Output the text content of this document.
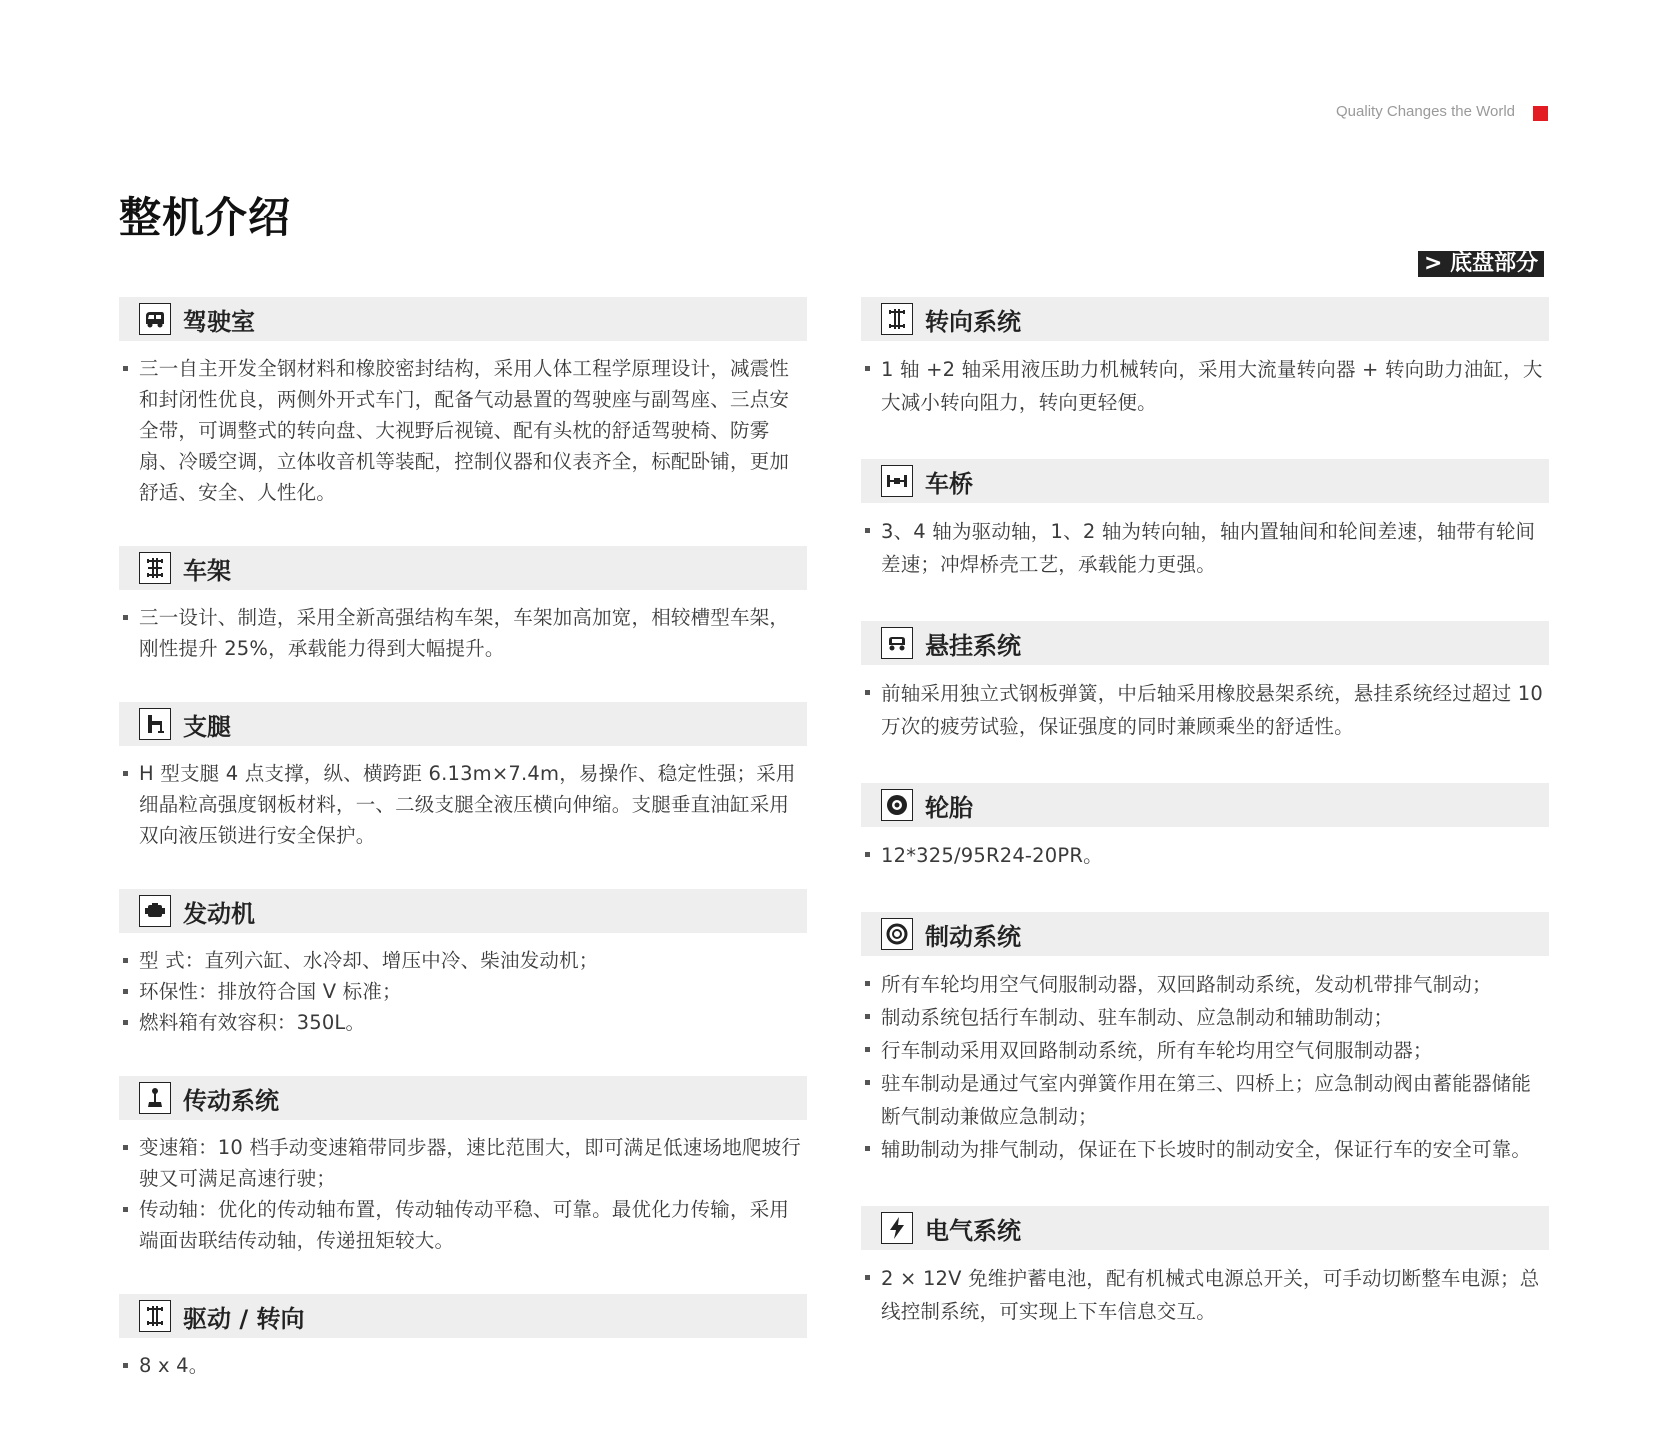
Quality Changes the World
整机介绍
> 底盘部分
驾驶室
三一自主开发全钢材料和橡胶密封结构，采用人体工程学原理设计，减震性和封闭性优良，两侧外开式车门，配备气动悬置的驾驶座与副驾座、三点安全带，可调整式的转向盘、大视野后视镜、配有头枕的舒适驾驶椅、防雾扇、冷暖空调，立体收音机等装配，控制仪器和仪表齐全，标配卧铺，更加舒适、安全、人性化。
车架
三一设计、制造，采用全新高强结构车架，车架加高加宽，相较槽型车架，刚性提升 25%，承载能力得到大幅提升。
支腿
H 型支腿 4 点支撑，纵、横跨距 6.13m×7.4m，易操作、稳定性强；采用细晶粒高强度钢板材料，一、二级支腿全液压横向伸缩。支腿垂直油缸采用双向液压锁进行安全保护。
发动机
型 式：直列六缸、水冷却、增压中冷、柴油发动机；
环保性：排放符合国 V 标准；
燃料箱有效容积：350L。
传动系统
变速箱：10 档手动变速箱带同步器，速比范围大，即可满足低速场地爬坡行驶又可满足高速行驶；
传动轴：优化的传动轴布置，传动轴传动平稳、可靠。最优化力传输，采用端面齿联结传动轴，传递扭矩较大。
驱动 / 转向
8 x 4。
转向系统
1 轴 +2 轴采用液压助力机械转向，采用大流量转向器 + 转向助力油缸，大大减小转向阻力，转向更轻便。
车桥
3、4 轴为驱动轴，1、2 轴为转向轴，轴内置轴间和轮间差速，轴带有轮间差速；冲焊桥壳工艺，承载能力更强。
悬挂系统
前轴采用独立式钢板弹簧，中后轴采用橡胶悬架系统，悬挂系统经过超过 10 万次的疲劳试验，保证强度的同时兼顾乘坐的舒适性。
轮胎
12*325/95R24-20PR。
制动系统
所有车轮均用空气伺服制动器，双回路制动系统，发动机带排气制动；
制动系统包括行车制动、驻车制动、应急制动和辅助制动；
行车制动采用双回路制动系统，所有车轮均用空气伺服制动器；
驻车制动是通过气室内弹簧作用在第三、四桥上；应急制动阀由蓄能器储能断气制动兼做应急制动；
辅助制动为排气制动，保证在下长坡时的制动安全，保证行车的安全可靠。
电气系统
2 × 12V 免维护蓄电池，配有机械式电源总开关，可手动切断整车电源；总线控制系统，可实现上下车信息交互。
